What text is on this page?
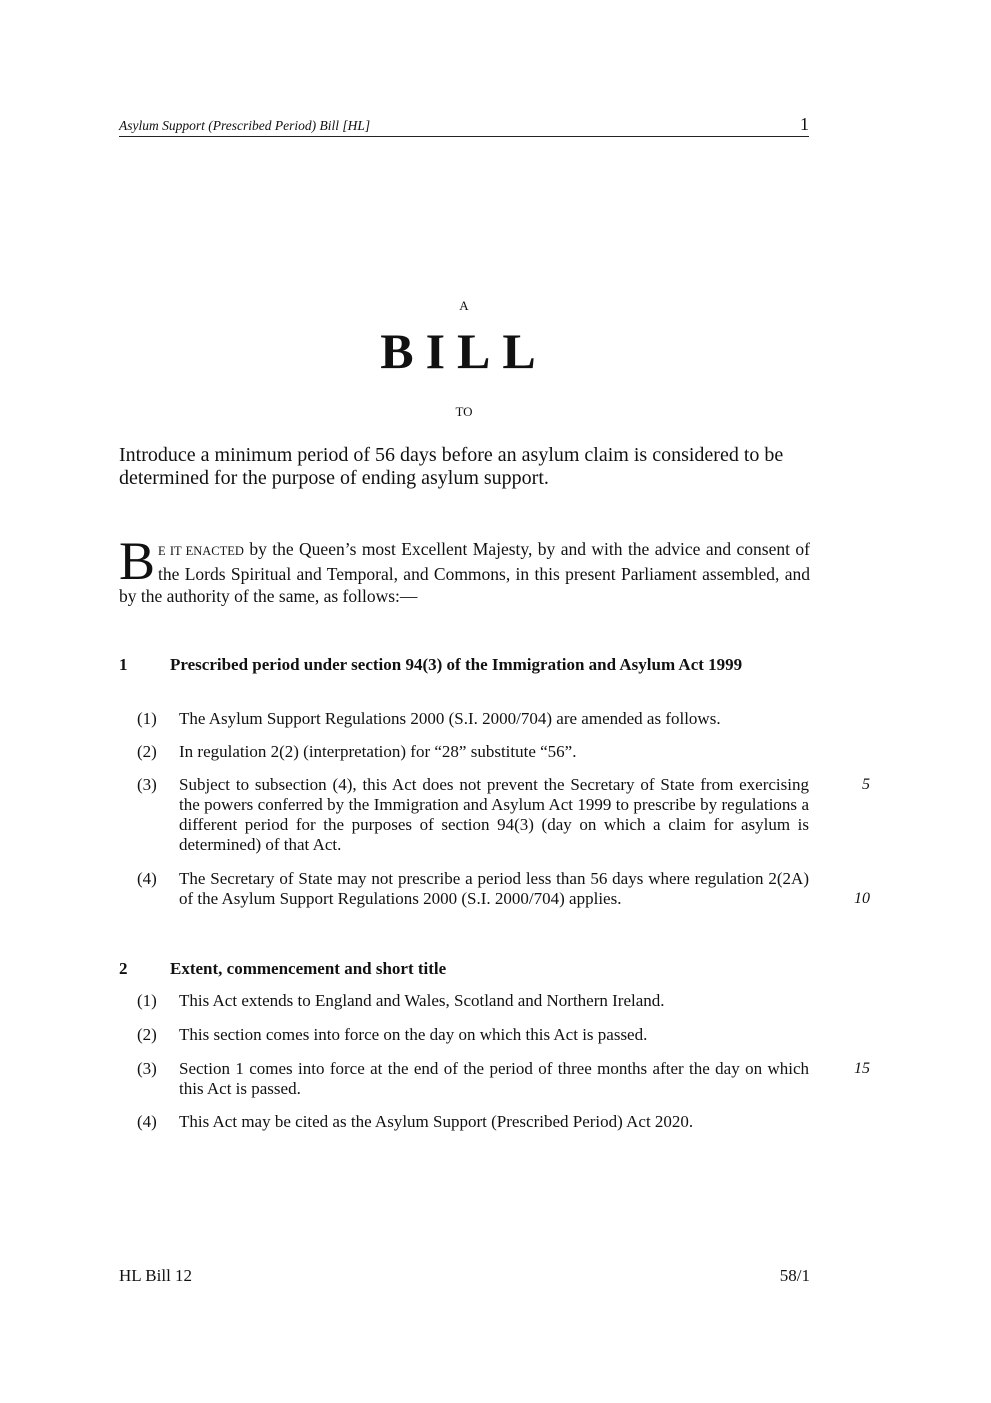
Asylum Support (Prescribed Period) Bill [HL]	1
A
BILL
TO
Introduce a minimum period of 56 days before an asylum claim is considered to be determined for the purpose of ending asylum support.
B E IT ENACTED by the Queen’s most Excellent Majesty, by and with the advice and consent of the Lords Spiritual and Temporal, and Commons, in this present Parliament assembled, and by the authority of the same, as follows:—
1	Prescribed period under section 94(3) of the Immigration and Asylum Act 1999
(1) The Asylum Support Regulations 2000 (S.I. 2000/704) are amended as follows.
(2) In regulation 2(2) (interpretation) for “28” substitute “56”.
(3) Subject to subsection (4), this Act does not prevent the Secretary of State from exercising the powers conferred by the Immigration and Asylum Act 1999 to prescribe by regulations a different period for the purposes of section 94(3) (day on which a claim for asylum is determined) of that Act.
(4) The Secretary of State may not prescribe a period less than 56 days where regulation 2(2A) of the Asylum Support Regulations 2000 (S.I. 2000/704) applies.
2	Extent, commencement and short title
(1) This Act extends to England and Wales, Scotland and Northern Ireland.
(2) This section comes into force on the day on which this Act is passed.
(3) Section 1 comes into force at the end of the period of three months after the day on which this Act is passed.
(4) This Act may be cited as the Asylum Support (Prescribed Period) Act 2020.
5
10
15
HL Bill 12	58/1
